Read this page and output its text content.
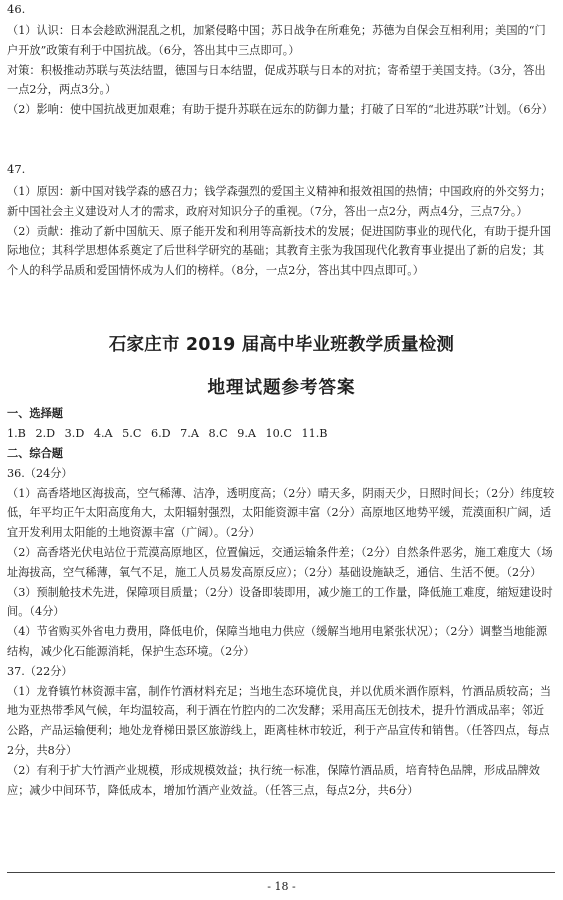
46.

（1）认识：日本会趁欧洲混乱之机，加紧侵略中国；苏日战争在所难免；苏德为自保会互相利用；美国的“门户开放”政策有利于中国抗战。（6分，答出其中三点即可。）

对策：积极推动苏联与英法结盟，德国与日本结盟，促成苏联与日本的对抗；寄希望于美国支持。（3分，答出一点2分，两点3分。）

（2）影响：使中国抗战更加艰难；有助于提升苏联在远东的防御力量；打破了日军的“北进苏联”计划。（6分）

47.

（1）原因：新中国对钱学森的感召力；钱学森强烈的爱国主义精神和报效祖国的热情；中国政府的外交努力；新中国社会主义建设对人才的需求，政府对知识分子的重视。（7分，答出一点2分，两点4分，三点7分。）

（2）贡献：推动了新中国航天、原子能开发和利用等高新技术的发展；促进国防事业的现代化，有助于提升国际地位；其科学思想体系奠定了后世科学研究的基础；其教育主张为我国现代化教育事业提出了新的启发；其个人的科学品质和爱国情怀成为人们的榜样。（8分，一点2分，答出其中四点即可。）

石家庄市 2019 届高中毕业班教学质量检测
地理试题参考答案

一、选择题

1.B 2.D 3.D 4.A 5.C 6.D 7.A 8.C 9.A 10.C 11.B

二、综合题

36.（24分）

（1）高香塔地区海拔高，空气稀薄、洁净，透明度高；（2分）晴天多，阴雨天少，日照时间长；（2分）纬度较低，年平均正午太阳高度角大，太阳辐射强烈，太阳能资源丰富（2分）高原地区地势平缓，荒漠面积广阔，适宜开发利用太阳能的土地资源丰富（广阔）。（2分）

（2）高香塔光伏电站位于荒漠高原地区，位置偏远，交通运输条件差；（2分）自然条件恶劣，施工难度大（场址海拔高，空气稀薄，氧气不足，施工人员易发高原反应）；（2分）基础设施缺乏，通信、生活不便。（2分）

（3）预制舱技术先进，保障项目质量；（2分）设备即装即用，减少施工的工作量，降低施工难度，缩短建设时间。（4分）

（4）节省购买外省电力费用，降低电价，保障当地电力供应（缓解当地用电紧张状况）；（2分）调整当地能源结构，减少化石能源消耗，保护生态环境。（2分）

37.（22分）

（1）龙脊镇竹林资源丰富，制作竹酒材料充足；当地生态环境优良，并以优质米酒作原料，竹酒品质较高；当地为亚热带季风气候，年均温较高，利于酒在竹腔内的二次发酵；采用高压无创技术，提升竹酒成品率；邻近公路，产品运输便利；地处龙脊梯田景区旅游线上，距离桂林市较近，利于产品宣传和销售。（任答四点，每点2分，共8分）

（2）有利于扩大竹酒产业规模，形成规模效益；执行统一标准，保障竹酒品质，培育特色品牌，形成品牌效应；减少中间环节，降低成本，增加竹酒产业效益。（任答三点，每点2分，共6分）

- 18 -
